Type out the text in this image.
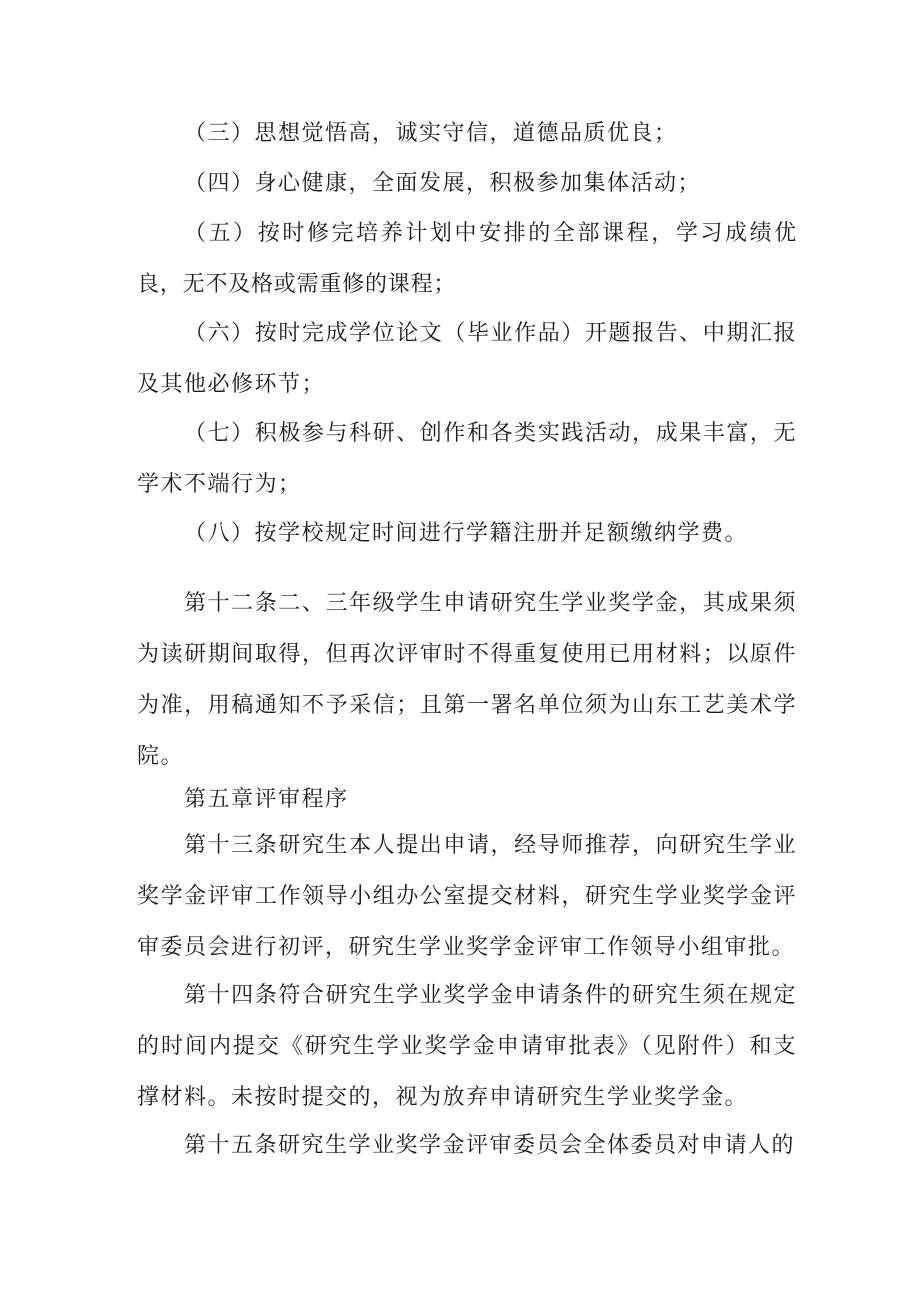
（三）思想觉悟高，诚实守信，道德品质优良；

（四）身心健康，全面发展，积极参加集体活动；

（五）按时修完培养计划中安排的全部课程，学习成绩优良，无不及格或需重修的课程；

（六）按时完成学位论文（毕业作品）开题报告、中期汇报及其他必修环节；

（七）积极参与科研、创作和各类实践活动，成果丰富，无学术不端行为；

（八）按学校规定时间进行学籍注册并足额缴纳学费。

第十二条二、三年级学生申请研究生学业奖学金，其成果须为读研期间取得，但再次评审时不得重复使用已用材料；以原件为准，用稿通知不予采信；且第一署名单位须为山东工艺美术学院。

第五章评审程序

第十三条研究生本人提出申请，经导师推荐，向研究生学业奖学金评审工作领导小组办公室提交材料，研究生学业奖学金评审委员会进行初评，研究生学业奖学金评审工作领导小组审批。

第十四条符合研究生学业奖学金申请条件的研究生须在规定的时间内提交《研究生学业奖学金申请审批表》（见附件）和支撑材料。未按时提交的，视为放弃申请研究生学业奖学金。

第十五条研究生学业奖学金评审委员会全体委员对申请人的
